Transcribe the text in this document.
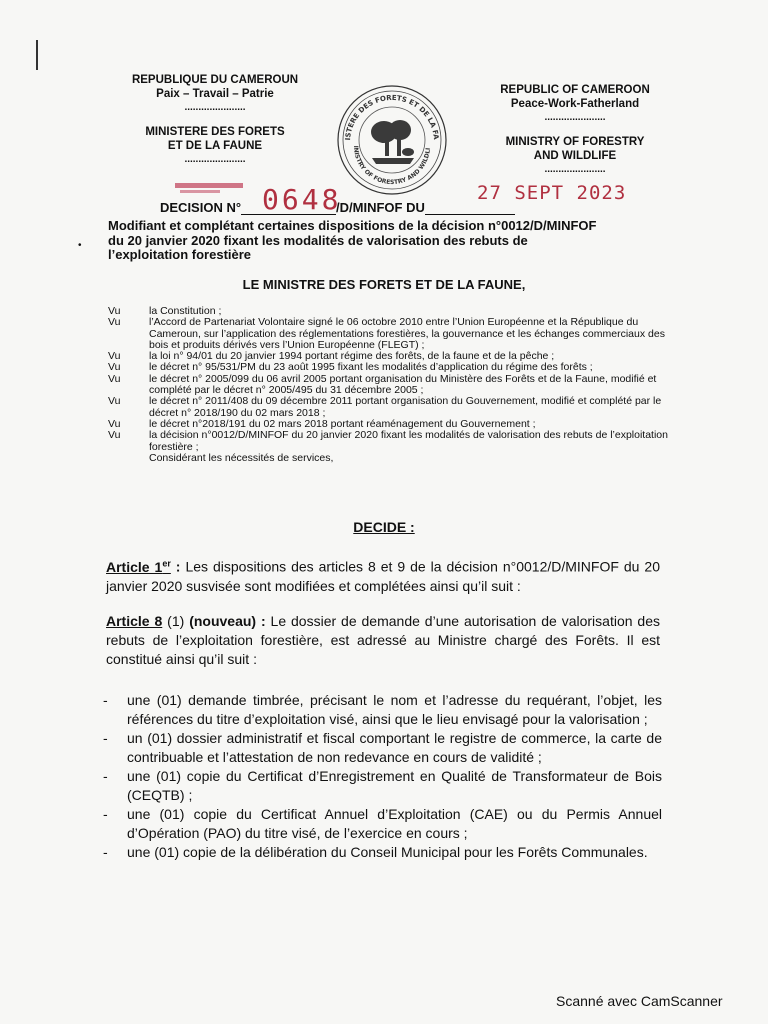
REPUBLIQUE DU CAMEROUN
Paix – Travail – Patrie
......................
MINISTERE DES FORETS
ET DE LA FAUNE
......................
ISTERE DES FORETS ET DE LA FA
INISTRY OF FORESTRY AND WILDLI
REPUBLIC OF CAMEROON
Peace-Work-Fatherland
......................
MINISTRY OF FORESTRY
AND WILDLIFE
......................
DECISION N°	/D/MINFOF DU
0648	27 SEPT 2023
•
Modifiant et complétant certaines dispositions de la décision n°0012/D/MINFOF
du 20 janvier 2020 fixant les modalités de valorisation des rebuts de
l’exploitation forestière
LE MINISTRE DES FORETS ET DE LA FAUNE,
Vu	la Constitution ;
Vu	l’Accord de Partenariat Volontaire signé le 06 octobre 2010 entre l’Union Européenne et la République du Cameroun, sur l’application des réglementations forestières, la gouvernance et les échanges commerciaux des bois et produits dérivés vers l’Union Européenne (FLEGT) ;
Vu	la loi n° 94/01 du 20 janvier 1994 portant régime des forêts, de la faune et de la pêche ;
Vu	le décret n° 95/531/PM du 23 août 1995 fixant les modalités d’application du régime des forêts ;
Vu	le décret n° 2005/099 du 06 avril 2005 portant organisation du Ministère des Forêts et de la Faune, modifié et complété par le décret n° 2005/495 du 31 décembre 2005 ;
Vu	le décret n° 2011/408 du 09 décembre 2011 portant organisation du Gouvernement, modifié et complété par le décret n° 2018/190 du 02 mars 2018 ;
Vu	le décret n°2018/191 du 02 mars 2018 portant réaménagement du Gouvernement ;
Vu	la décision n°0012/D/MINFOF du 20 janvier 2020 fixant les modalités de valorisation des rebuts de l’exploitation forestière ;
Considérant les nécessités de services,
DECIDE :
Article 1er : Les dispositions des articles 8 et 9 de la décision n°0012/D/MINFOF du 20 janvier 2020 susvisée sont modifiées et complétées ainsi qu’il suit :
Article 8 (1) (nouveau) : Le dossier de demande d’une autorisation de valorisation des rebuts de l’exploitation forestière, est adressé au Ministre chargé des Forêts. Il est constitué ainsi qu’il suit :
- une (01) demande timbrée, précisant le nom et l’adresse du requérant, l’objet, les références du titre d’exploitation visé, ainsi que le lieu envisagé pour la valorisation ;
- un (01) dossier administratif et fiscal comportant le registre de commerce, la carte de contribuable et l’attestation de non redevance en cours de validité ;
- une (01) copie du Certificat d’Enregistrement en Qualité de Transformateur de Bois (CEQTB) ;
- une (01) copie du Certificat Annuel d’Exploitation (CAE) ou du Permis Annuel d’Opération (PAO) du titre visé, de l’exercice en cours ;
- une (01) copie de la délibération du Conseil Municipal pour les Forêts Communales.
Scanné avec CamScanner
